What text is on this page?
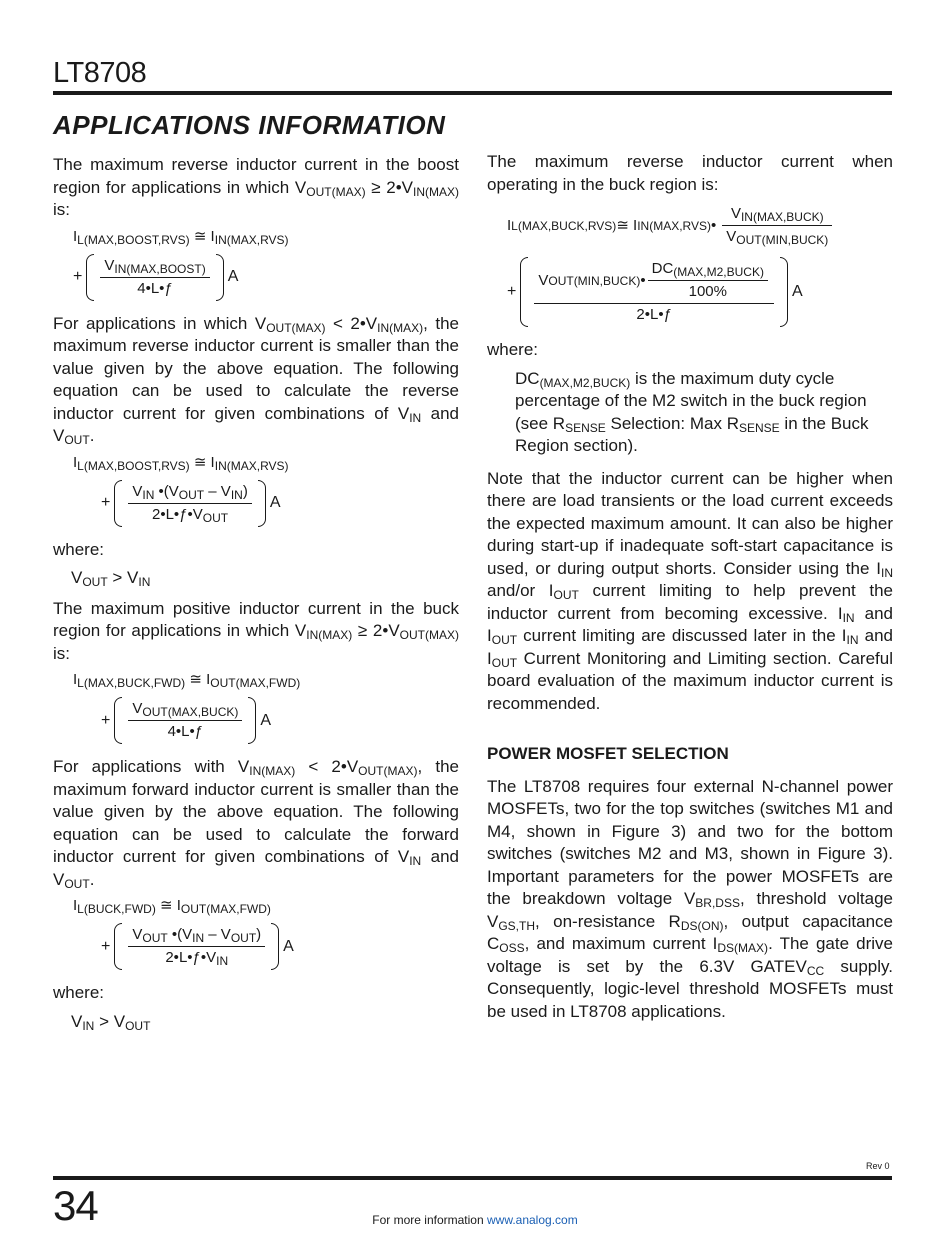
LT8708
APPLICATIONS INFORMATION

The maximum reverse inductor current in the boost region for applications in which $V_{OUT(MAX)}$ ≥ $2•V_{IN(MAX)}$ is:

$I_{L(MAX,BOOST,RVS)}$ ≅ $I_{IN(MAX,RVS)}$
+ $\frac{V_{IN(MAX,BOOST)}}{4•L•ƒ}$ A

For applications in which $V_{OUT(MAX)}$ < $2•V_{IN(MAX)}$, the maximum reverse inductor current is smaller than the value given by the above equation. The following equation can be used to calculate the reverse inductor current for given combinations of $V_{IN}$ and $V_{OUT}$.

$I_{L(MAX,BOOST,RVS)}$ ≅ $I_{IN(MAX,RVS)}$
+ $\frac{V_{IN} •(V_{OUT} - V_{IN})}{2•L•ƒ•V_{OUT}}$ A
where:
$V_{OUT} > V_{IN}$

The maximum positive inductor current in the buck region for applications in which $V_{IN(MAX)}$ ≥ $2•V_{OUT(MAX)}$ is:

$I_{L(MAX,BUCK,FWD)}$ ≅ $I_{OUT(MAX,FWD)}$
+ $\frac{V_{OUT(MAX,BUCK)}}{4•L•ƒ}$ A

For applications with $V_{IN(MAX)}$ < $2•V_{OUT(MAX)}$, the maximum forward inductor current is smaller than the value given by the above equation. The following equation can be used to calculate the forward inductor current for given combinations of $V_{IN}$ and $V_{OUT}$.

$I_{L(BUCK,FWD)}$ ≅ $I_{OUT(MAX,FWD)}$
+ $\frac{V_{OUT} •(V_{IN} - V_{OUT})}{2•L•ƒ•V_{IN}}$ A
where:
$V_{IN} > V_{OUT}$

The maximum reverse inductor current when operating in the buck region is:

I L(MAX,BUCK,RVS) ≅ I IN(MAX,RVS) • $\frac{V_{IN(MAX,BUCK)}}{V_{OUT(MIN,BUCK)}}$
+
V OUT(MIN,BUCK) • $\frac{DC_{(MAX,M2,BUCK)}}{100\%}$
2•L•ƒ
A
where:

$DC_{(MAX,M2,BUCK)}$ is the maximum duty cycle percentage of the M2 switch in the buck region (see $R_{SENSE}$ Selection: Max $R_{SENSE}$ in the Buck Region section).

Note that the inductor current can be higher when there are load transients or the load current exceeds the expected maximum amount. It can also be higher during start-up if inadequate soft-start capacitance is used, or during output shorts. Consider using the $I_{IN}$ and/or $I_{OUT}$ current limiting to help prevent the inductor current from becoming excessive. $I_{IN}$ and $I_{OUT}$ current limiting are discussed later in the $I_{IN}$ and $I_{OUT}$ Current Monitoring and Limiting section. Careful board evaluation of the maximum inductor current is recommended.

POWER MOSFET SELECTION

The LT8708 requires four external N-channel power MOSFETs, two for the top switches (switches M1 and M4, shown in Figure 3) and two for the bottom switches (switches M2 and M3, shown in Figure 3). Important parameters for the power MOSFETs are the breakdown voltage $V_{BR,DSS}$, threshold voltage $V_{GS,TH}$, on-resistance $R_{DS(ON)}$, output capacitance $C_{OSS}$, and maximum current $I_{DS(MAX)}$. The gate drive voltage is set by the 6.3V $GATEV_{CC}$ supply. Consequently, logic-level threshold MOSFETs must be used in LT8708 applications.

Rev 0
34	For more information www.analog.com
